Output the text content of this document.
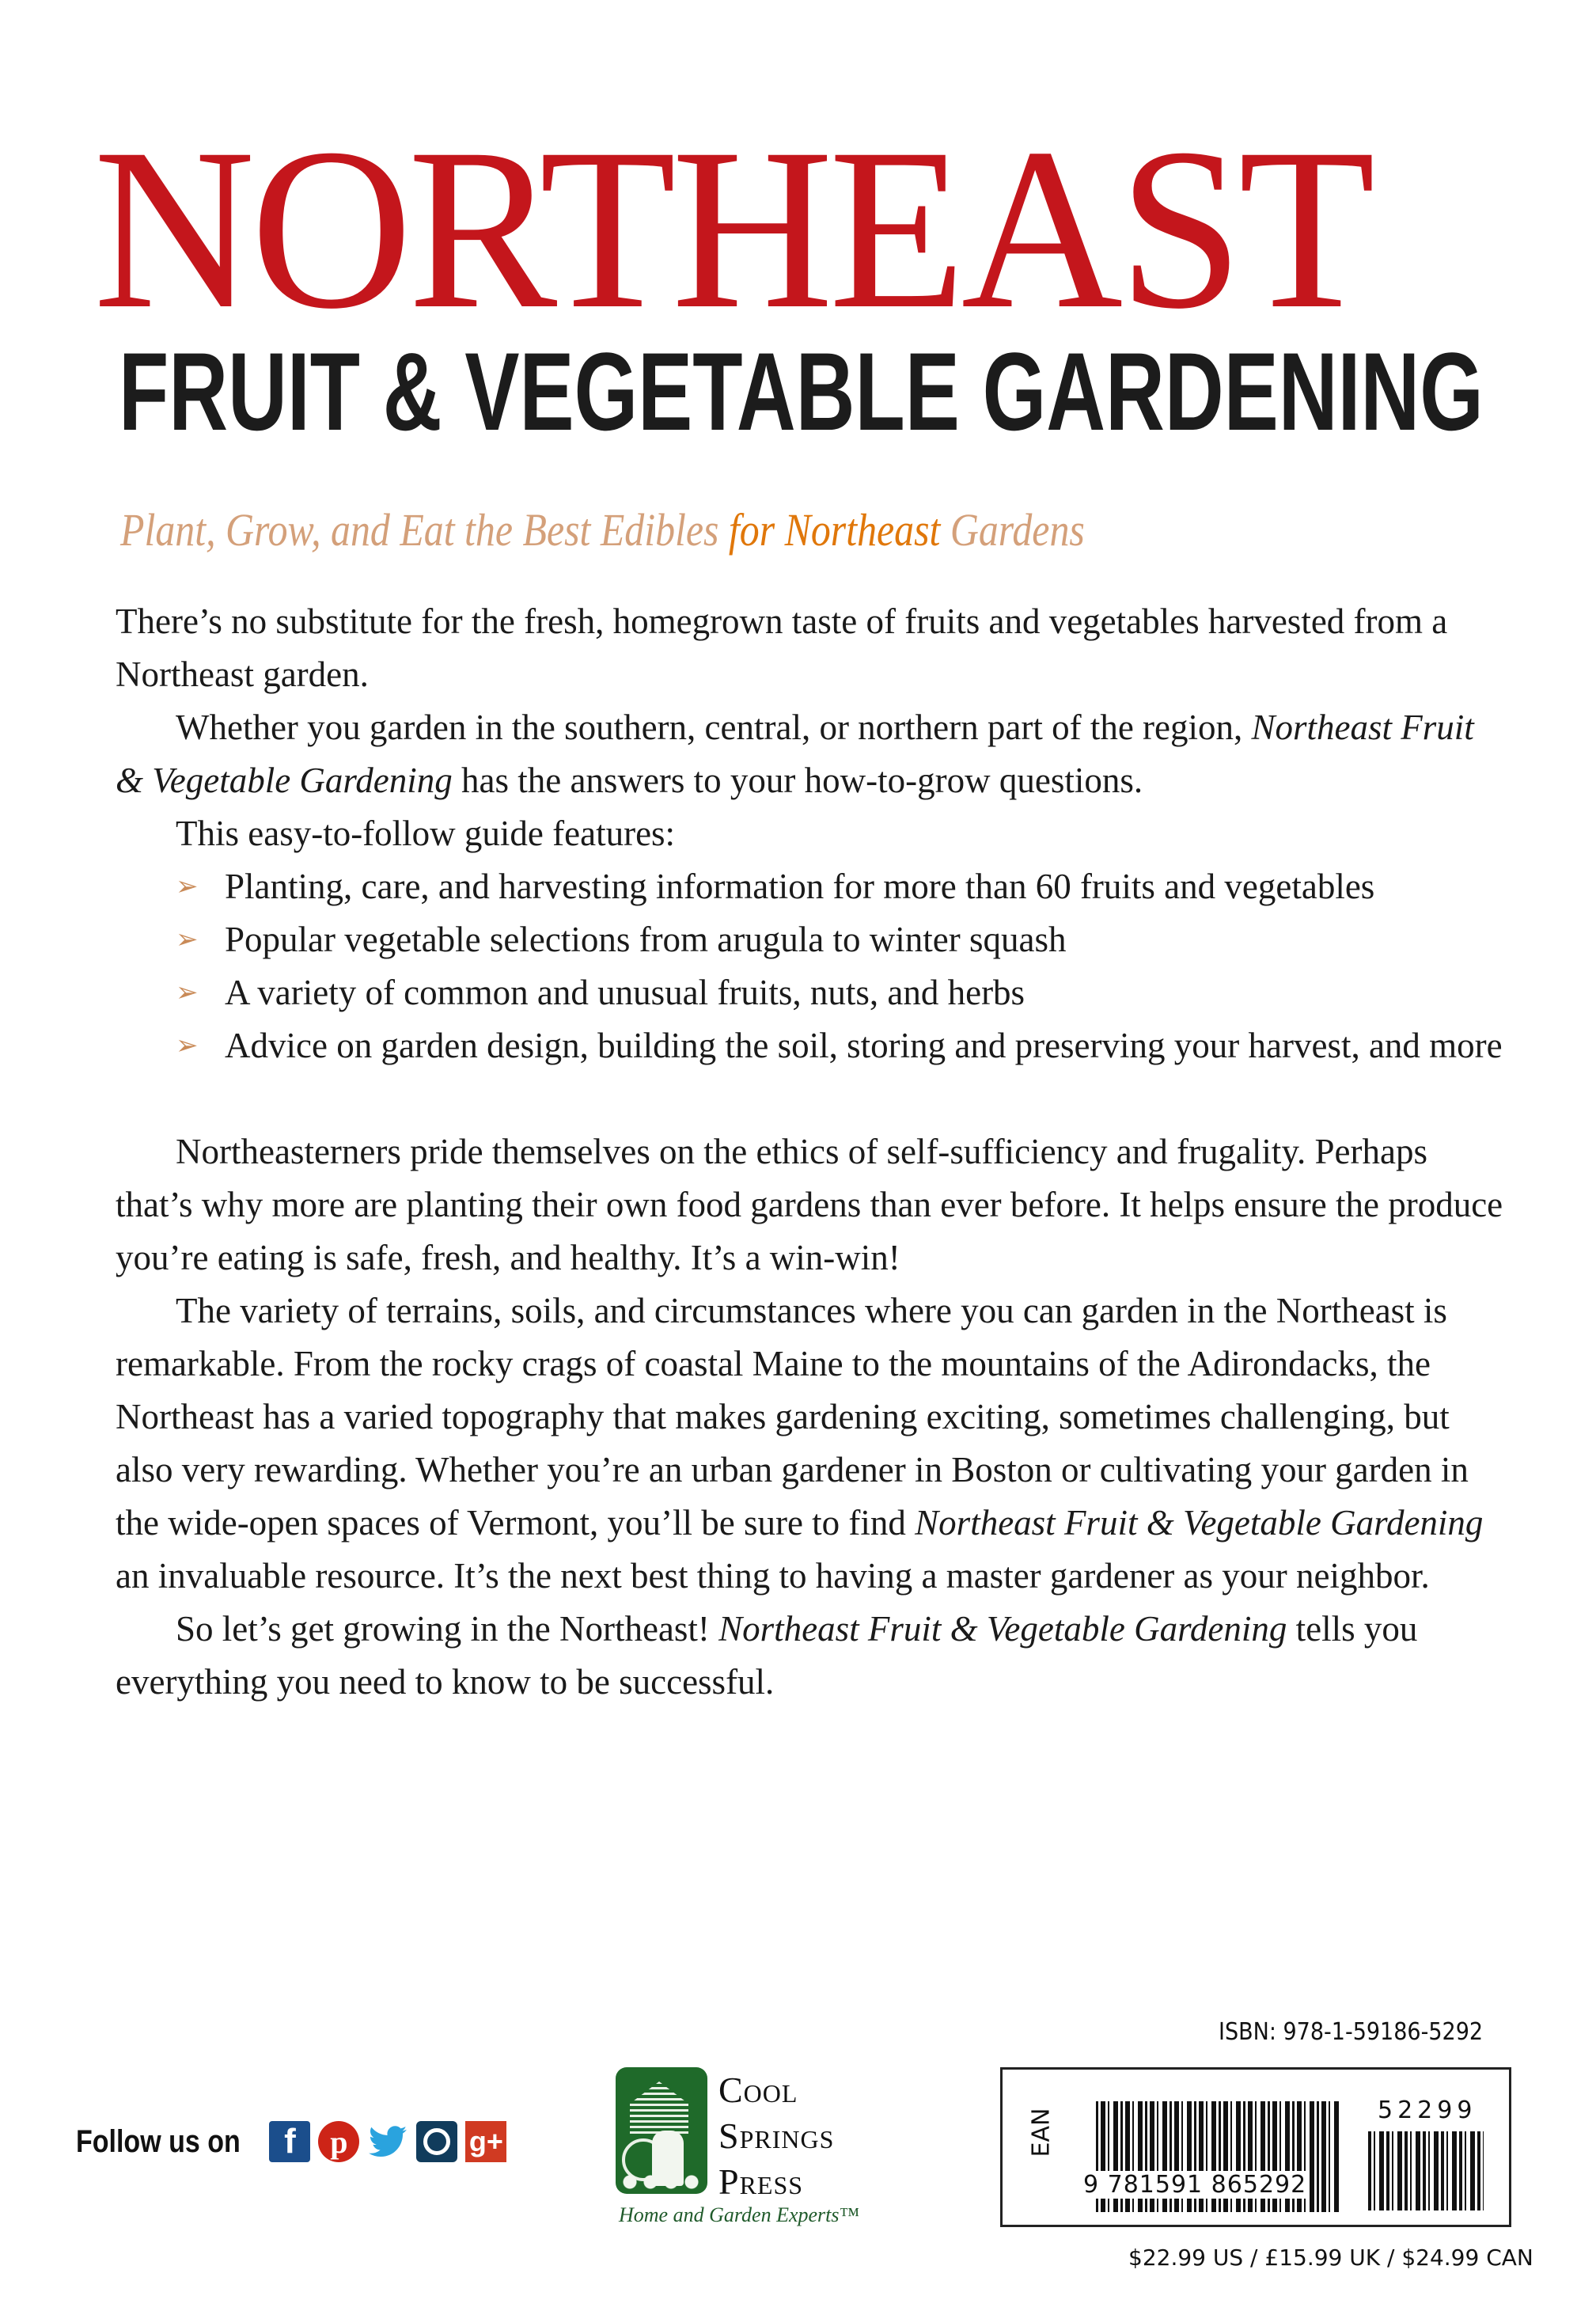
NORTHEAST
FRUIT & VEGETABLE GARDENING
Plant, Grow, and Eat the Best Edibles for Northeast Gardens

There’s no substitute for the fresh, homegrown taste of fruits and vegetables harvested from a Northeast garden.

Whether you garden in the southern, central, or northern part of the region, Northeast Fruit & Vegetable Gardening has the answers to your how-to-grow questions.

This easy-to-follow guide features:

➢ Planting, care, and harvesting information for more than 60 fruits and vegetables
➢ Popular vegetable selections from arugula to winter squash
➢ A variety of common and unusual fruits, nuts, and herbs
➢ Advice on garden design, building the soil, storing and preserving your harvest, and more

Northeasterners pride themselves on the ethics of self-sufficiency and frugality. Perhaps that’s why more are planting their own food gardens than ever before. It helps ensure the produce you’re eating is safe, fresh, and healthy. It’s a win-win!

The variety of terrains, soils, and circumstances where you can garden in the Northeast is remarkable. From the rocky crags of coastal Maine to the mountains of the Adirondacks, the Northeast has a varied topography that makes gardening exciting, sometimes challenging, but also very rewarding. Whether you’re an urban gardener in Boston or cultivating your garden in the wide-open spaces of Vermont, you’ll be sure to find Northeast Fruit & Vegetable Gardening an invaluable resource. It’s the next best thing to having a master gardener as your neighbor.

So let’s get growing in the Northeast! Northeast Fruit & Vegetable Gardening tells you everything you need to know to be successful.

Follow us on	f	p	g+
Cool
Springs
Press
Home and Garden Experts™
ISBN: 978-1-59186-5292
EAN
9 781591 865292
52299
$22.99 US / £15.99 UK / $24.99 CAN
